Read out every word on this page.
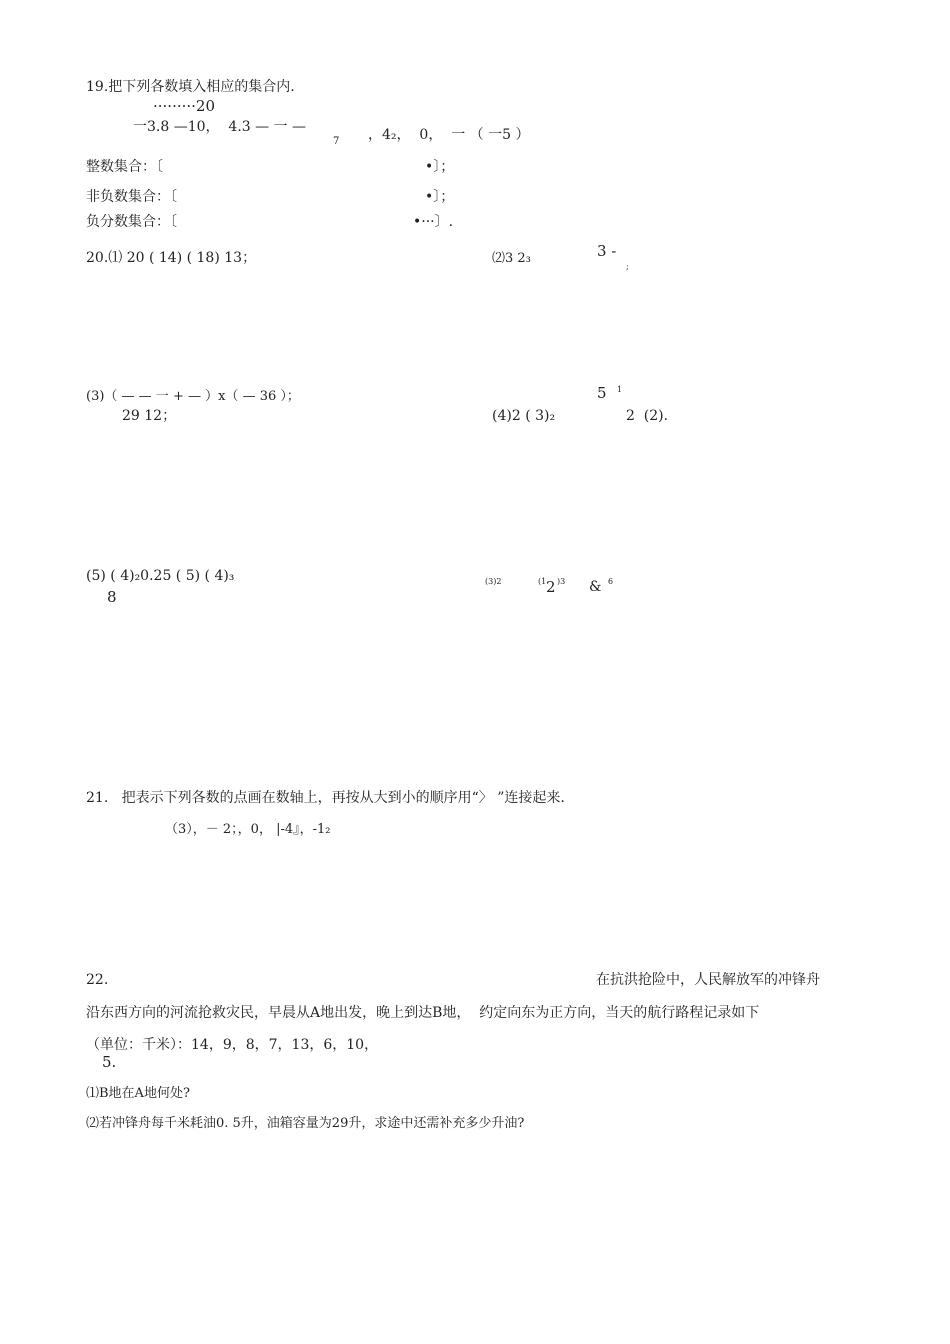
19.把下列各数填入相应的集合内.
·········20
一3.8 —10，  4.3 — 一 —
7 ，4₂，  0，  一 （ 一5 ）
整数集合：〔	•〕；
非负数集合：〔	•〕；
负分数集合：〔	•···〕.
20.⑴ 20 ( 14) ( 18) 13；	⑵3 2₃	3 -
;
(3)（ — — 一 + — ）x（ — 36 ）；
29 12；
5 1
(4)2 ( 3)₂	2  (2).
(5) ( 4)₂0.25 ( 5) ( 4)₃
8
(3)2	(1 2 )3 & 6
21.   把表示下列各数的点画在数轴上，再按从大到小的顺序用“〉 ”连接起来.
（3），－ 2；，0， |-4』，-1₂
22.	在抗洪抢险中，人民解放军的冲锋舟
沿东西方向的河流抢救灾民，早晨从A地出发，晚上到达B地，  约定向东为正方向，当天的航行路程记录如下
（单位：千米）：14，9，8，7，13，6，10，
5.
⑴B地在A地何处?
⑵若冲锋舟每千米耗油0. 5升，油箱容量为29升，求途中还需补充多少升油?
